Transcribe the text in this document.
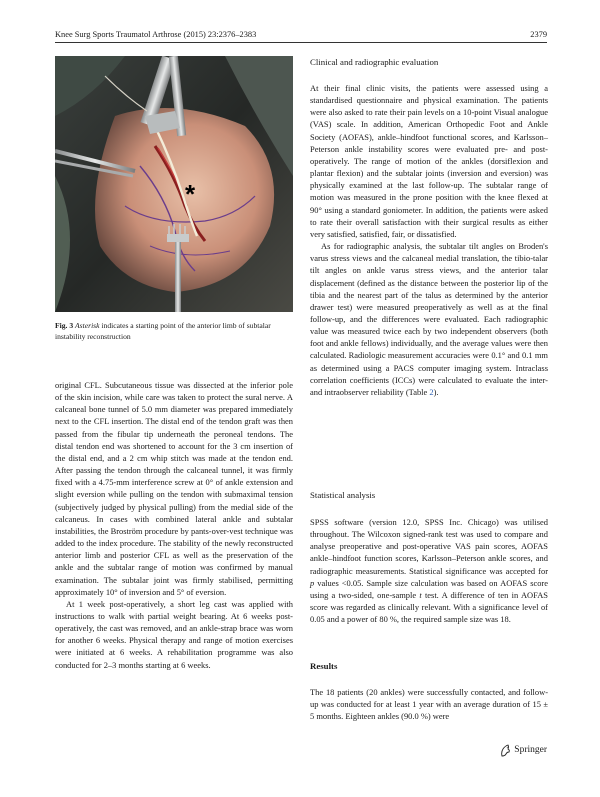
Knee Surg Sports Traumatol Arthrose (2015) 23:2376–2383	2379
*
Fig. 3 Asterisk indicates a starting point of the anterior limb of subtalar instability reconstruction

original CFL. Subcutaneous tissue was dissected at the inferior pole of the skin incision, while care was taken to protect the sural nerve. A calcaneal bone tunnel of 5.0 mm diameter was prepared immediately next to the CFL insertion. The distal end of the tendon graft was then passed from the fibular tip underneath the peroneal tendons. The distal tendon end was shortened to account for the 3 cm insertion of the distal end, and a 2 cm whip stitch was made at the tendon end. After passing the tendon through the calcaneal tunnel, it was firmly fixed with a 4.75-mm interference screw at 0° of ankle extension and slight eversion while pulling on the tendon with submaximal tension (subjectively judged by physical pulling) from the medial side of the calcaneus. In cases with combined lateral ankle and subtalar instabilities, the Broström procedure by pants-over-vest technique was added to the index procedure. The stability of the newly reconstructed anterior limb and posterior CFL as well as the preservation of the ankle and the subtalar range of motion was confirmed by manual examination. The subtalar joint was firmly stabilised, permitting approximately 10° of inversion and 5° of eversion.

At 1 week post-operatively, a short leg cast was applied with instructions to walk with partial weight bearing. At 6 weeks post-operatively, the cast was removed, and an ankle-strap brace was worn for another 6 weeks. Physical therapy and range of motion exercises were initiated at 6 weeks. A rehabilitation programme was also conducted for 2–3 months starting at 6 weeks.

Clinical and radiographic evaluation

At their final clinic visits, the patients were assessed using a standardised questionnaire and physical examination. The patients were also asked to rate their pain levels on a 10-point Visual analogue (VAS) scale. In addition, American Orthopedic Foot and Ankle Society (AOFAS), ankle–hindfoot functional scores, and Karlsson–Peterson ankle instability scores were evaluated pre- and post-operatively. The range of motion of the ankles (dorsiflexion and plantar flexion) and the subtalar joints (inversion and eversion) was physically examined at the last follow-up. The subtalar range of motion was measured in the prone position with the knee flexed at 90° using a standard goniometer. In addition, the patients were asked to rate their overall satisfaction with their surgical results as either very satisfied, satisfied, fair, or dissatisfied.

As for radiographic analysis, the subtalar tilt angles on Broden's varus stress views and the calcaneal medial translation, the tibio-talar tilt angles on ankle varus stress views, and the anterior talar displacement (defined as the distance between the posterior lip of the tibia and the nearest part of the talus as determined by the anterior drawer test) were measured preoperatively as well as at the final follow-up, and the differences were evaluated. Each radiographic value was measured twice each by two independent observers (both foot and ankle fellows) individually, and the average values were then calculated. Radiologic measurement accuracies were 0.1° and 0.1 mm as determined using a PACS computer imaging system. Intraclass correlation coefficients (ICCs) were calculated to evaluate the inter- and intraobserver reliability (Table 2).

Statistical analysis

SPSS software (version 12.0, SPSS Inc. Chicago) was utilised throughout. The Wilcoxon signed-rank test was used to compare and analyse preoperative and post-operative VAS pain scores, AOFAS ankle–hindfoot function scores, Karlsson–Peterson ankle scores, and radiographic measurements. Statistical significance was accepted for p values <0.05. Sample size calculation was based on AOFAS score using a two-sided, one-sample t test. A difference of ten in AOFAS score was regarded as clinically relevant. With a significance level of 0.05 and a power of 80 %, the required sample size was 18.

Results

The 18 patients (20 ankles) were successfully contacted, and follow-up was conducted for at least 1 year with an average duration of 15 ± 5 months. Eighteen ankles (90.0 %) were

Springer
